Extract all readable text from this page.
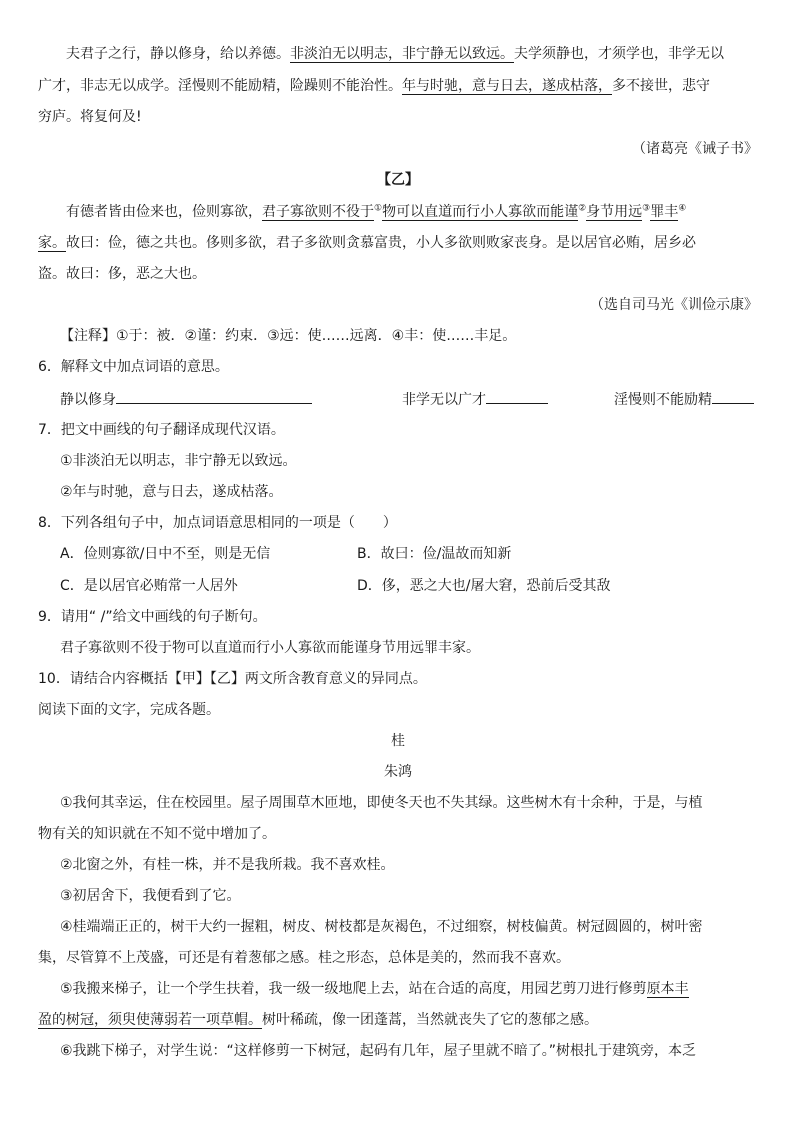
夫君子之行，静以修身，给以养德。非淡泊无以明志，非宁静无以致远。夫学须静也，才须学也，非学无以
广才，非志无以成学。淫慢则不能励精，险躁则不能治性。年与时驰，意与日去，遂成枯落，多不接世，悲守
穷庐。将复何及!
（诸葛亮《诫子书》
【乙】
有德者皆由俭来也，俭则寡欲，君子寡欲则不役于①物可以直道而行小人寡欲而能谨②身节用远③罪丰④
家。故曰：俭，德之共也。侈则多欲，君子多欲则贪慕富贵，小人多欲则败家丧身。是以居官必贿，居乡必
盗。故曰：侈，恶之大也。
（选自司马光《训俭示康》
【注释】①于：被．②谨：约束．③远：使……远离．④丰：使……丰足。
6．解释文中加点词语的意思。
静以修身	非学无以广才	淫慢则不能励精
7．把文中画线的句子翻译成现代汉语。
①非淡泊无以明志，非宁静无以致远。
②年与时驰，意与日去，遂成枯落。
8．下列各组句子中，加点词语意思相同的一项是（　　）
A．俭则寡欲/日中不至，则是无信	B．故曰：俭/温故而知新
C．是以居官必贿常一人居外	D．侈，恶之大也/屠大窘，恐前后受其敌
9．请用“ /”给文中画线的句子断句。
君子寡欲则不役于物可以直道而行小人寡欲而能谨身节用远罪丰家。
10．请结合内容概括【甲】【乙】两文所含教育意义的异同点。
阅读下面的文字，完成各题。
桂
朱鸿
①我何其幸运，住在校园里。屋子周围草木匝地，即使冬天也不失其绿。这些树木有十余种，于是，与植
物有关的知识就在不知不觉中增加了。
②北窗之外，有桂一株，并不是我所栽。我不喜欢桂。
③初居舍下，我便看到了它。
④桂端端正正的，树干大约一握粗，树皮、树枝都是灰褐色，不过细察，树枝偏黄。树冠圆圆的，树叶密
集，尽管算不上茂盛，可还是有着葱郁之感。桂之形态，总体是美的，然而我不喜欢。
⑤我搬来梯子，让一个学生扶着，我一级一级地爬上去，站在合适的高度，用园艺剪刀进行修剪原本丰
盈的树冠，须臾使薄弱若一项草帽。树叶稀疏，像一团蓬蒿，当然就丧失了它的葱郁之感。
⑥我跳下梯子，对学生说：“这样修剪一下树冠，起码有几年，屋子里就不暗了。”树根扎于建筑旁，本乏
